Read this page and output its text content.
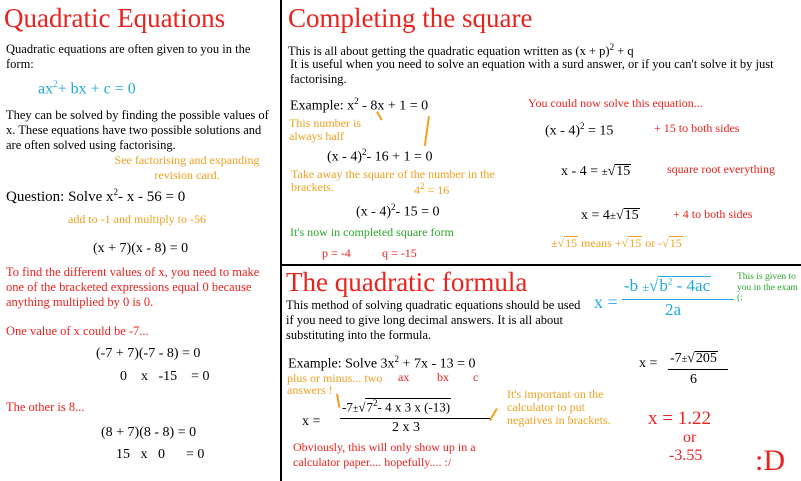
Quadratic Equations
Quadratic equations are often given to you in the form:
$ax^2+$ bx + c = 0
They can be solved by finding the possible values of x. These equations have two possible solutions and are often solved using factorising.
See factorising and expanding revision card.
Question: Solve $x^2-$ x - 56 = 0
add to -1 and multiply to -56
(x + 7)(x - 8) = 0
To find the different values of x, you need to make one of the bracketed expressions equal 0 because anything multiplied by 0 is 0.
One value of x could be -7...
(-7 + 7)(-7 - 8) = 0
0    x   -15    = 0
The other is 8...
(8 + 7)(8 - 8) = 0
15   x   0      = 0
Completing the square
This is all about getting the quadratic equation written as $(x + p)^2 + q$
It is useful when you need to solve an equation with a surd answer, or if you can't solve it by just factorising.
Example: $x^2 - 8x + 1 = 0$
This number is always half
(x - 4)$^2$- 16 + 1 = 0
Take away the square of the number in the brackets.	$4^2 = 16$
(x - 4)$^2$- 15 = 0
It's now in completed square form
p = -4	q = -15
You could now solve this equation...
(x - 4)$^2$ = 15	+ 15 to both sides
x - 4 = ±√15	square root everything
x = 4±√15	+ 4 to both sides
±√15 means +√15 or -√15
The quadratic formula
x =
$-b \pm√b^2 - 4ac$
2a
This is given to you in the exam (:
This method of solving quadratic equations should be used if you need to give long decimal answers. It is all about substituting into the formula.
Example: Solve $3x^2 + 7x - 13 = 0$
ax bx c
plus or minus... two answers !
x =
$-7\pm√7^2-$ 4 x 3 x (-13)
2 x 3
It's important on the calculator to put negatives in brackets.
x = -7±√205
6
x = 1.22
or
-3.55
Obviously, this will only show up in a calculator paper.... hopefully.... :/	:D
